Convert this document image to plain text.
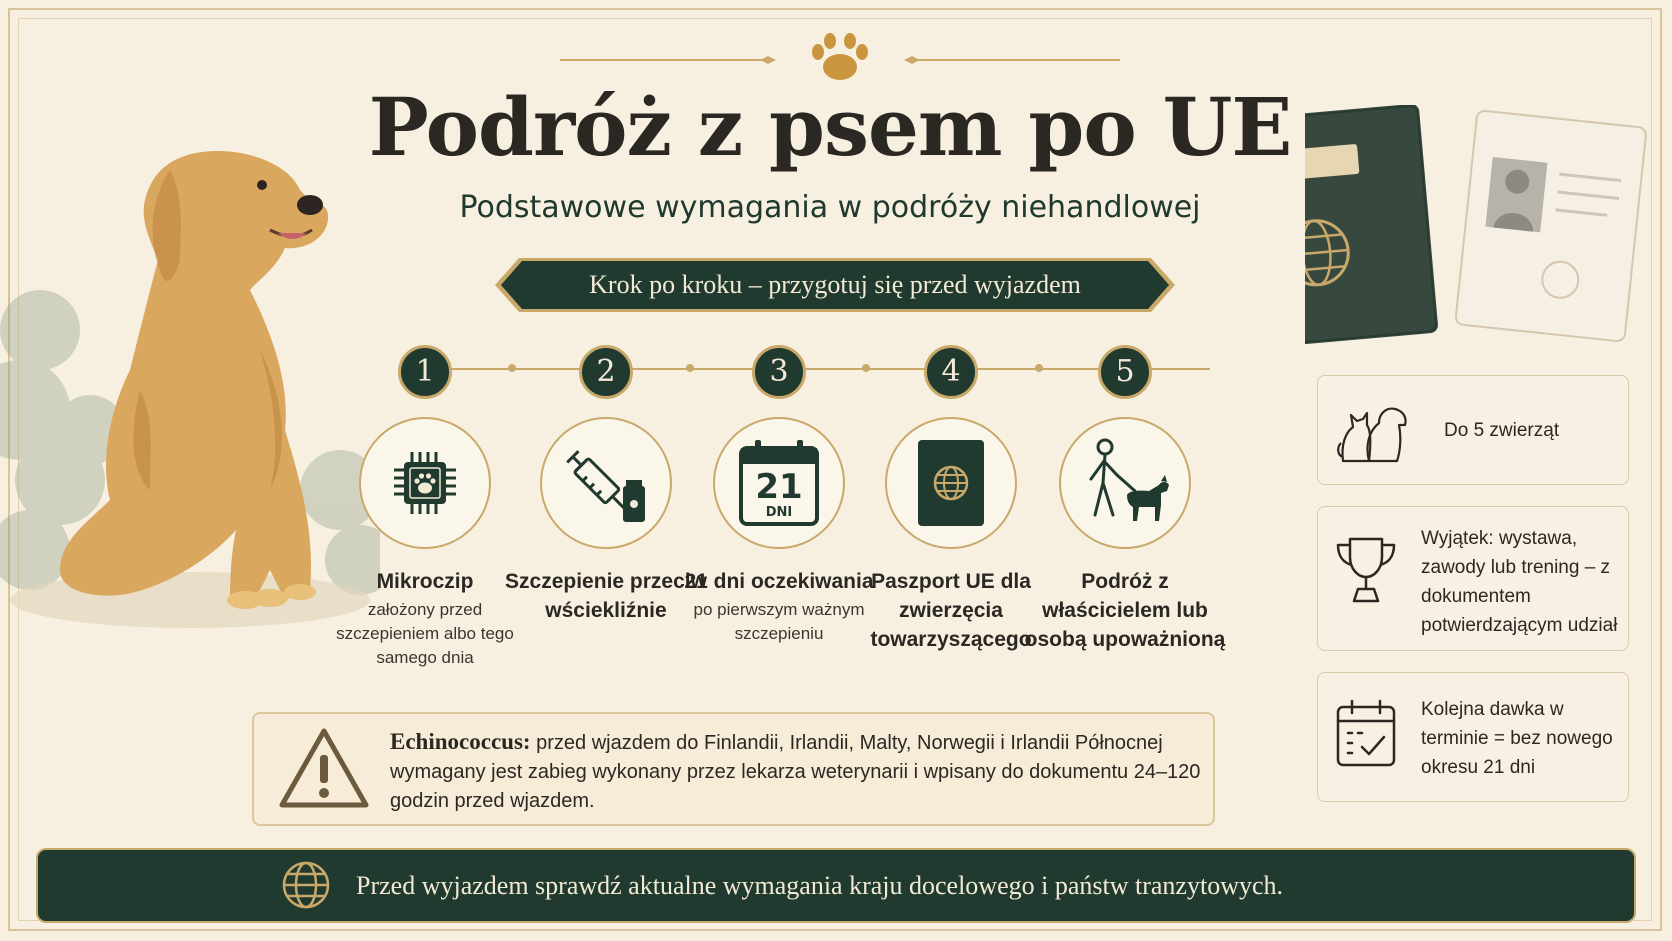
Podróż z psem po UE
Podstawowe wymagania w podróży niehandlowej
Krok po kroku – przygotuj się przed wyjazdem
1
Mikroczip
założony przed szczepieniem albo tego samego dnia
2
Szczepienie przeciw wściekliźnie
3
21
DNI
21 dni oczekiwania
po pierwszym ważnym szczepieniu
4
Paszport UE dla zwierzęcia towarzyszącego
5
Podróż z właścicielem lub osobą upoważnioną
Echinococcus: przed wjazdem do Finlandii, Irlandii, Malty, Norwegii i Irlandii Północnej wymagany jest zabieg wykonany przez lekarza weterynarii i wpisany do dokumentu 24–120 godzin przed wjazdem.
Do 5 zwierząt
Wyjątek: wystawa, zawody lub trening – z dokumentem potwierdzającym udział
Kolejna dawka w terminie = bez nowego okresu 21 dni
Przed wyjazdem sprawdź aktualne wymagania kraju docelowego i państw tranzytowych.
